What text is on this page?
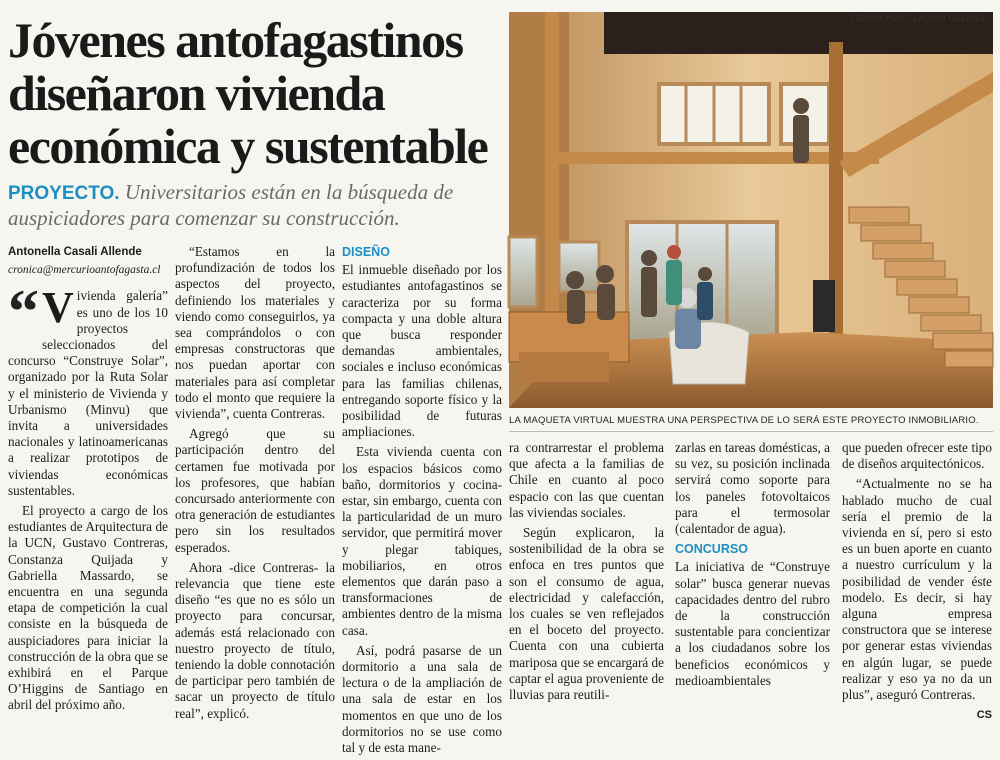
Jóvenes antofagastinos diseñaron vivienda económica y sustentable
PROYECTO. Universitarios están en la búsqueda de auspiciadores para comenzar su construcción.
CEDIDA POR CLAUDIO GALENO
LA MAQUETA VIRTUAL MUESTRA UNA PERSPECTIVA DE LO SERÁ ESTE PROYECTO INMOBILIARIO.
Antonella Casali Allende
cronica@mercurioantofagasta.cl

“ V ivienda galería” es uno de los 10 proyectos seleccionados del concurso “Construye Solar”, organizado por la Ruta Solar y el ministerio de Vivienda y Urbanismo (Minvu) que invita a universidades nacionales y latinoamericanas a realizar prototipos de viviendas económicas sustentables.

El proyecto a cargo de los estudiantes de Arquitectura de la UCN, Gustavo Contreras, Constanza Quijada y Gabriella Massardo, se encuentra en una segunda etapa de competición la cual consiste en la búsqueda de auspiciadores para iniciar la construcción de la obra que se exhibirá en el Parque O’Higgins de Santiago en abril del próximo año.

“Estamos en la profundización de todos los aspectos del proyecto, definiendo los materiales y viendo como conseguirlos, ya sea comprándolos o con empresas constructoras que nos puedan aportar con materiales para así completar todo el monto que requiere la vivienda”, cuenta Contreras.

Agregó que su participación dentro del certamen fue motivada por los profesores, que habían concursado anteriormente con otra generación de estudiantes pero sin los resultados esperados.

Ahora -dice Contreras- la relevancia que tiene este diseño “es que no es sólo un proyecto para concursar, además está relacionado con nuestro proyecto de título, teniendo la doble connotación de participar pero también de sacar un proyecto de título real”, explicó.

DISEÑO

El inmueble diseñado por los estudiantes antofagastinos se caracteriza por su forma compacta y una doble altura que busca responder demandas ambientales, sociales e incluso económicas para las familias chilenas, entregando soporte físico y la posibilidad de futuras ampliaciones.

Esta vivienda cuenta con los espacios básicos como baño, dormitorios y cocina-estar, sin embargo, cuenta con la particularidad de un muro servidor, que permitirá mover y plegar tabiques, mobiliarios, en otros elementos que darán paso a transformaciones de ambientes dentro de la misma casa.

Así, podrá pasarse de un dormitorio a una sala de lectura o de la ampliación de una sala de estar en los momentos en que uno de los dormitorios no se use como tal y de esta mane-

ra contrarrestar el problema que afecta a la familias de Chile en cuanto al poco espacio con las que cuentan las viviendas sociales.

Según explicaron, la sostenibilidad de la obra se enfoca en tres puntos que son el consumo de agua, electricidad y calefacción, los cuales se ven reflejados en el boceto del proyecto. Cuenta con una cubierta mariposa que se encargará de captar el agua proveniente de lluvias para reutili-

zarlas en tareas domésticas, a su vez, su posición inclinada servirá como soporte para los paneles fotovoltaicos para el termosolar (calentador de agua).

CONCURSO

La iniciativa de “Construye solar” busca generar nuevas capacidades dentro del rubro de la construcción sustentable para concientizar a los ciudadanos sobre los beneficios económicos y medioambientales

que pueden ofrecer este tipo de diseños arquitectónicos.

“Actualmente no se ha hablado mucho de cual sería el premio de la vivienda en sí, pero si esto es un buen aporte en cuanto a nuestro currículum y la posibilidad de vender éste modelo. Es decir, si hay alguna empresa constructora que se interese por generar estas viviendas en algún lugar, se puede realizar y eso ya no da un plus”, aseguró Contreras.

CS
